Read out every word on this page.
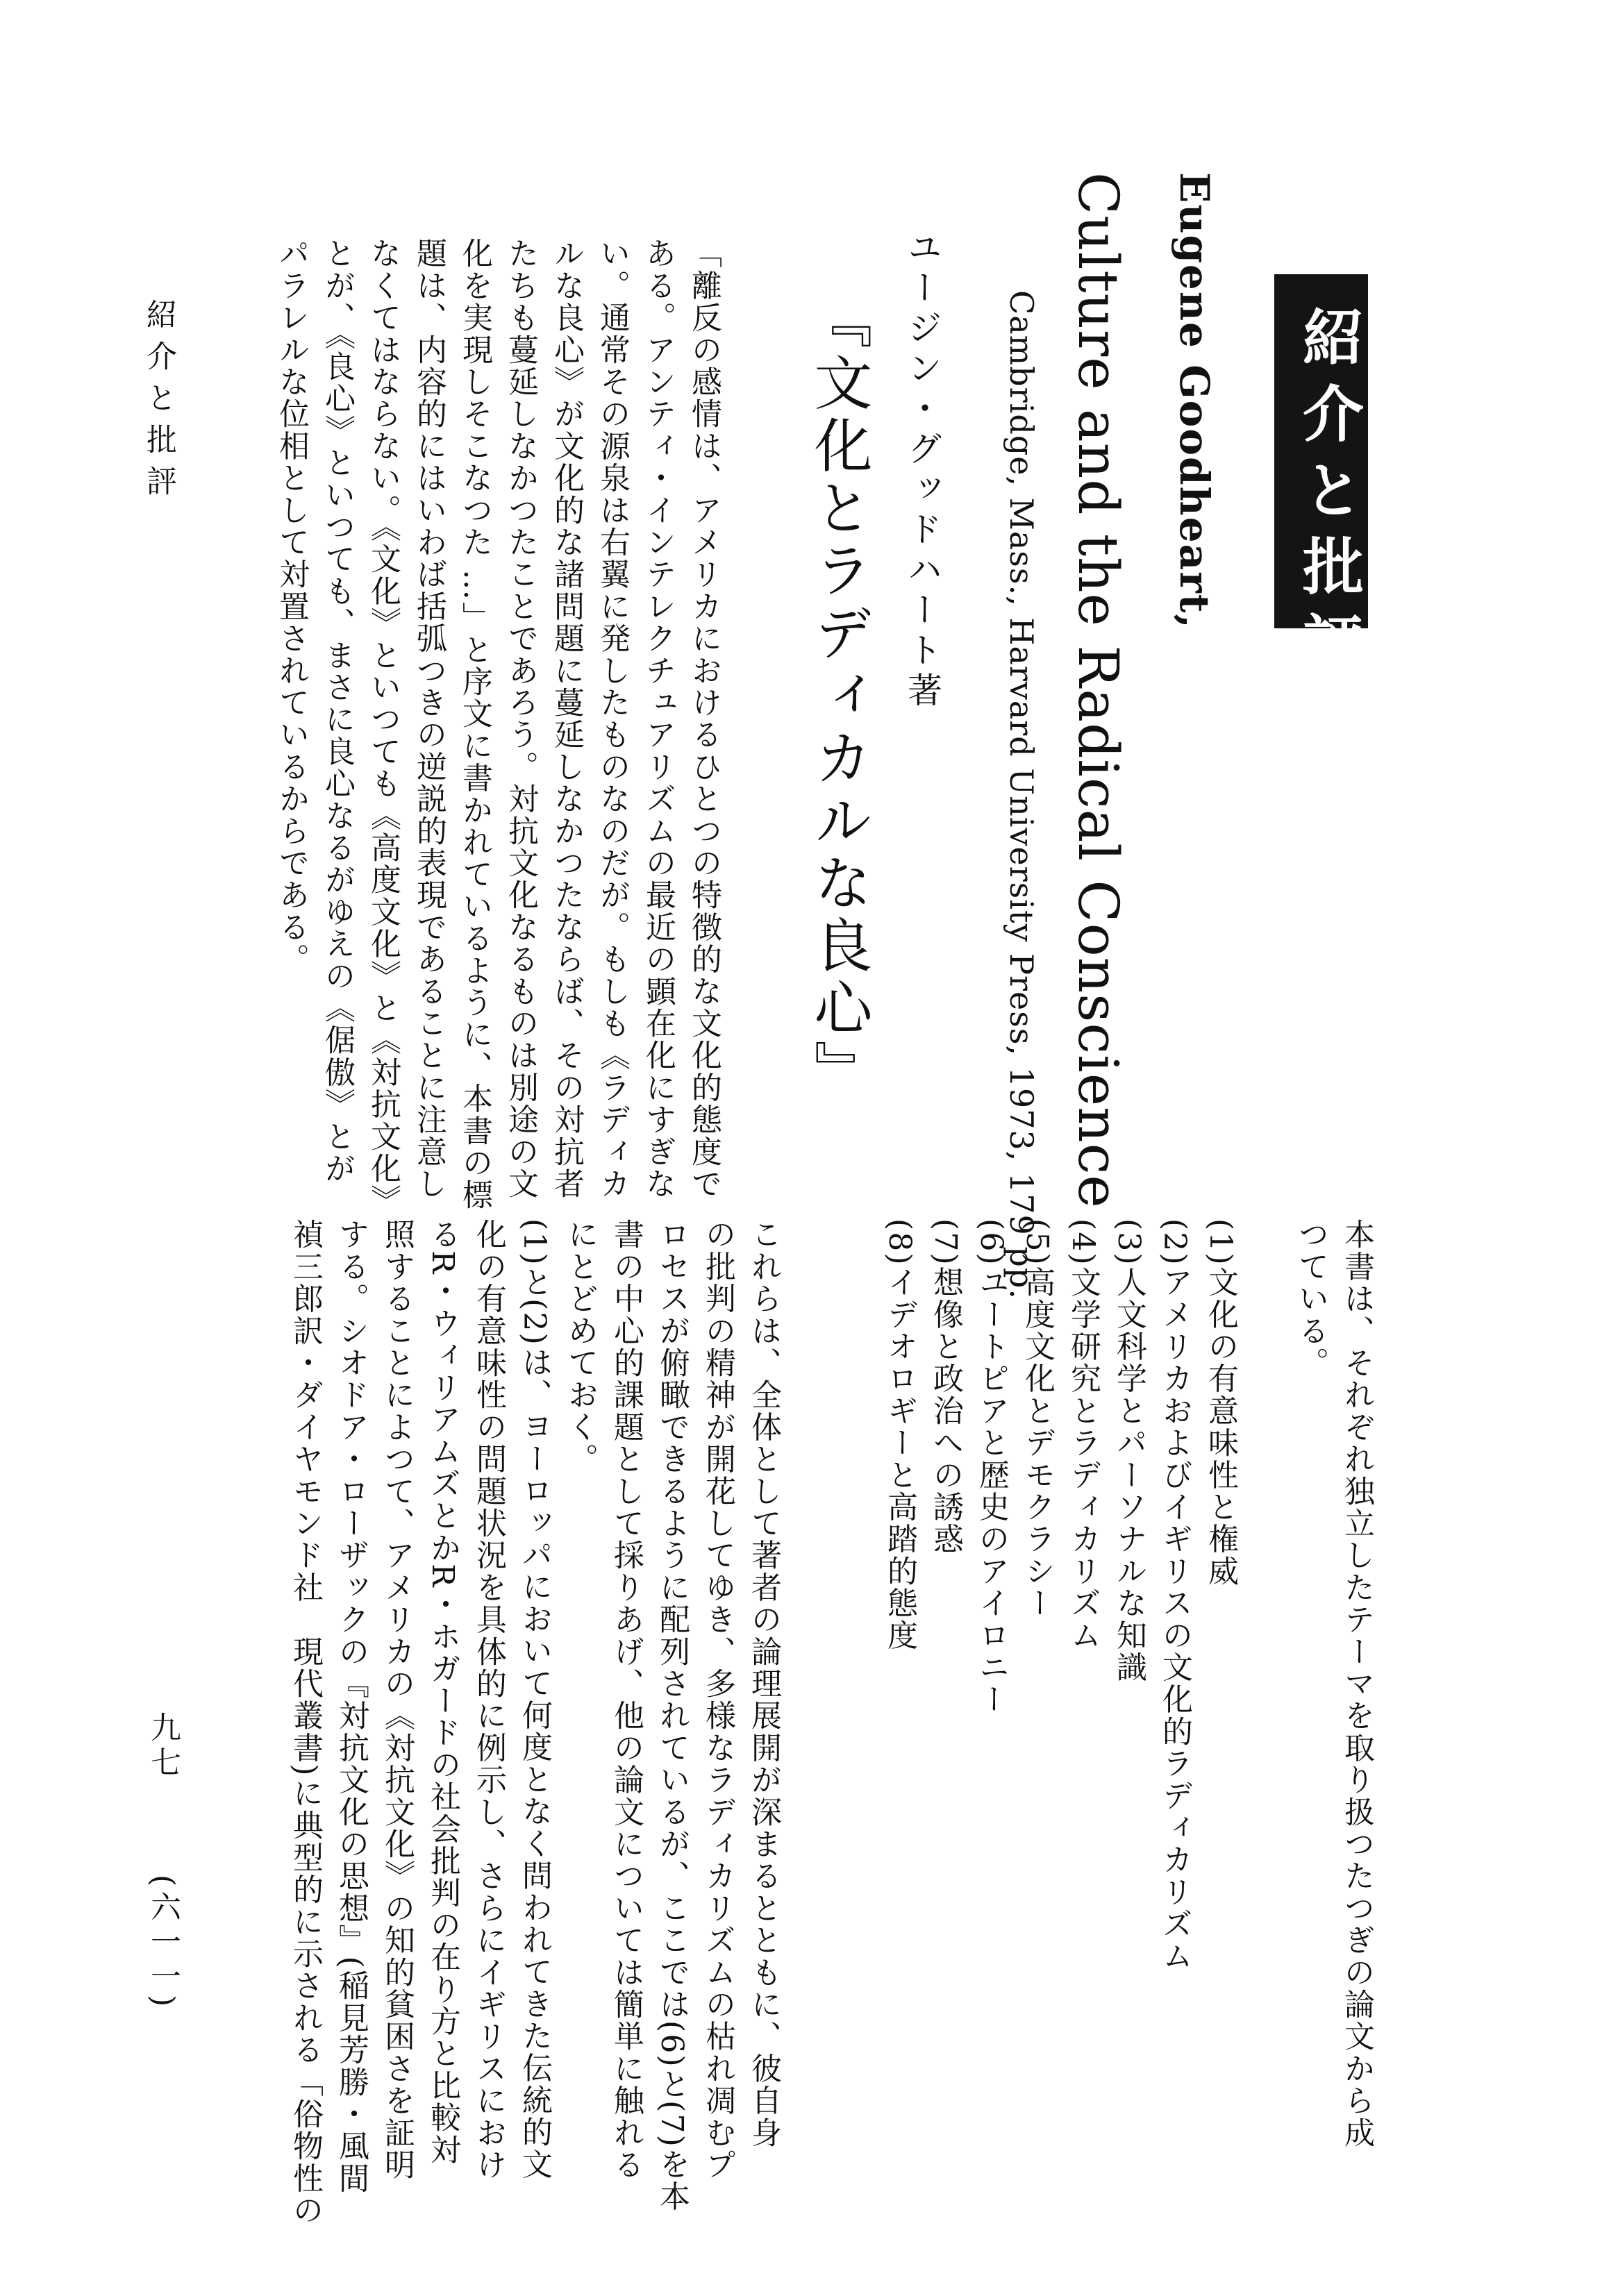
紹介と批評
Eugene Goodheart,
Culture and the Radical Conscience
Cambridge, Mass., Harvard University Press, 1973, 179 pp.
ユージン・グッドハート著
『文化とラディカルな良心』
「離反の感情は、アメリカにおけるひとつの特徴的な文化的態度で
ある。アンティ・インテレクチュアリズムの最近の顕在化にすぎな
い。通常その源泉は右翼に発したものなのだが。もしも《ラディカ
ルな良心》が文化的な諸問題に蔓延しなかつたならば、その対抗者
たちも蔓延しなかつたことであろう。対抗文化なるものは別途の文
化を実現しそこなつた …」と序文に書かれているように、本書の標
題は、内容的にはいわば括弧つきの逆説的表現であることに注意し
なくてはならない。《文化》といつても《高度文化》と《対抗文化》
とが、《良心》といつても、まさに良心なるがゆえの《倨傲》とが
パラレルな位相として対置されているからである。
本書は、それぞれ独立したテーマを取り扱つたつぎの論文から成
つている。
(1)文化の有意味性と権威
(2)アメリカおよびイギリスの文化的ラディカリズム
(3)人文科学とパーソナルな知識
(4)文学研究とラディカリズム
(5)高度文化とデモクラシー
(6)ユートピアと歴史のアイロニー
(7)想像と政治への誘惑
(8)イデオロギーと高踏的態度
これらは、全体として著者の論理展開が深まるとともに、彼自身
の批判の精神が開花してゆき、多様なラディカリズムの枯れ凋むプ
ロセスが俯瞰できるように配列されているが、ここでは(6)と(7)を本
書の中心的課題として採りあげ、他の論文については簡単に触れる
にとどめておく。
(1)と(2)は、ヨーロッパにおいて何度となく問われてきた伝統的文
化の有意味性の問題状況を具体的に例示し、さらにイギリスにおけ
るR・ウィリアムズとかR・ホガードの社会批判の在り方と比較対
照することによつて、アメリカの《対抗文化》の知的貧困さを証明
する。シオドア・ローザックの『対抗文化の思想』(稲見芳勝・風間
禎三郎訳・ダイヤモンド社　現代叢書)に典型的に示される「俗物性の
紹介と批評
九七
(六一一)
